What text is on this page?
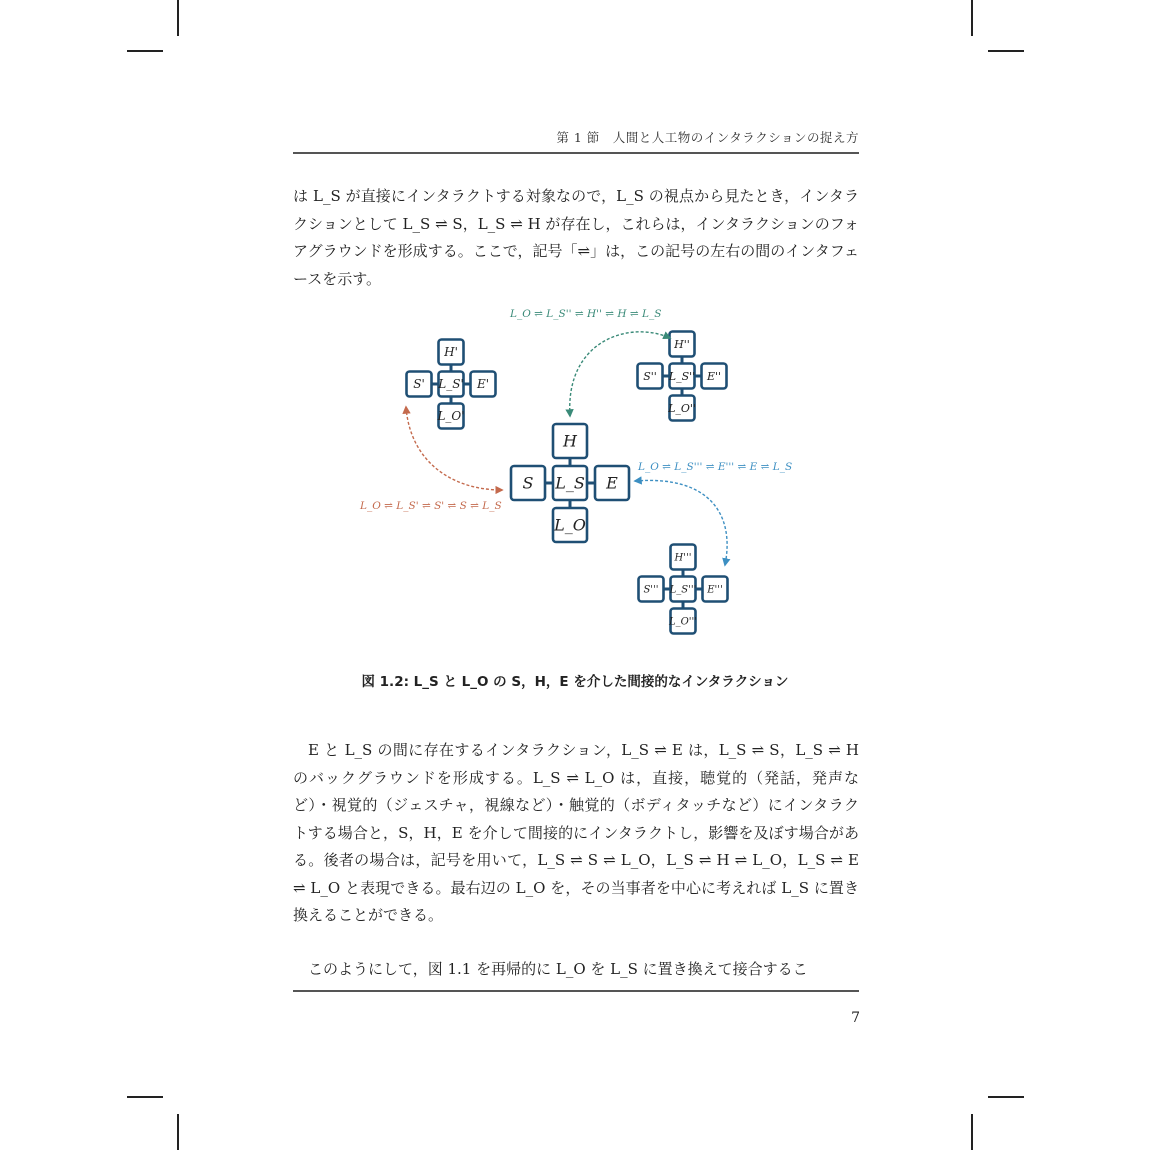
第 1 節　人間と人工物のインタラクションの捉え方

は L_S が直接にインタラクトする対象なので，L_S の視点から見たとき，インタラクションとして L_S ⇌ S，L_S ⇌ H が存在し，これらは，インタラクションのフォアグラウンドを形成する。ここで，記号「⇌」は，この記号の左右の間のインタフェースを示す。

H
S L_S E
L_O
H'
S' L_S' E'
L_O'
H''
S'' L_S'' E''
L_O''
H'''
S''' L_S''' E'''
L_O'''
L_O ⇌ L_S'' ⇌ H'' ⇌ H ⇌ L_S
L_O ⇌ L_S''' ⇌ E''' ⇌ E ⇌ L_S
L_O ⇌ L_S' ⇌ S' ⇌ S ⇌ L_S
図 1.2: L_S と L_O の S，H，E を介した間接的なインタラクション

E と L_S の間に存在するインタラクション，L_S ⇌ E は，L_S ⇌ S，L_S ⇌ H のバックグラウンドを形成する。L_S ⇌ L_O は，直接，聴覚的（発話，発声など）・視覚的（ジェスチャ，視線など）・触覚的（ボディタッチなど）にインタラクトする場合と，S，H，E を介して間接的にインタラクトし，影響を及ぼす場合がある。後者の場合は，記号を用いて，L_S ⇌ S ⇌ L_O，L_S ⇌ H ⇌ L_O，L_S ⇌ E ⇌ L_O と表現できる。最右辺の L_O を，その当事者を中心に考えれば L_S に置き換えることができる。

このようにして，図 1.1 を再帰的に L_O を L_S に置き換えて接合するこ

7
